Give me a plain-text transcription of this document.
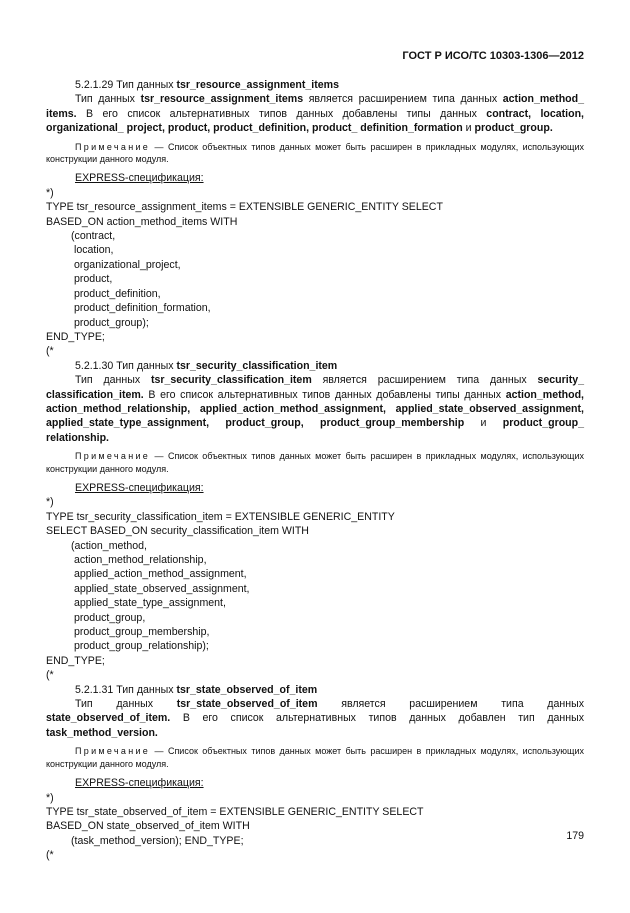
ГОСТ Р ИСО/ТС 10303-1306—2012

5.2.1.29 Тип данных tsr_resource_assignment_items

Тип данных tsr_resource_assignment_items является расширением типа данных action_method_ items. В его список альтернативных типов данных добавлены типы данных contract, location, organizational_ project, product, product_definition, product_ definition_formation и product_group.

Примечание — Список объектных типов данных может быть расширен в прикладных модулях, использующих конструкции данного модуля.

EXPRESS-спецификация:

*)

TYPE tsr_resource_assignment_items = EXTENSIBLE GENERIC_ENTITY SELECT

BASED_ON action_method_items WITH

(contract,

location,

organizational_project,

product,

product_definition,

product_definition_formation,

product_group);

END_TYPE;

(*

5.2.1.30 Тип данных tsr_security_classification_item

Тип данных tsr_security_classification_item является расширением типа данных security_ classification_item. В его список альтернативных типов данных добавлены типы данных action_method, action_method_relationship, applied_action_method_assignment, applied_state_observed_assignment, applied_state_type_assignment, product_group, product_group_membership и product_group_ relationship.

Примечание — Список объектных типов данных может быть расширен в прикладных модулях, использующих конструкции данного модуля.

EXPRESS-спецификация:

*)

TYPE tsr_security_classification_item = EXTENSIBLE GENERIC_ENTITY

SELECT BASED_ON security_classification_item WITH

(action_method,

action_method_relationship,

applied_action_method_assignment,

applied_state_observed_assignment,

applied_state_type_assignment,

product_group,

product_group_membership,

product_group_relationship);

END_TYPE;

(*

5.2.1.31 Тип данных tsr_state_observed_of_item

Тип данных tsr_state_observed_of_item является расширением типа данных state_observed_of_item. В его список альтернативных типов данных добавлен тип данных task_method_version.

Примечание — Список объектных типов данных может быть расширен в прикладных модулях, использующих конструкции данного модуля.

EXPRESS-спецификация:

*)

TYPE tsr_state_observed_of_item = EXTENSIBLE GENERIC_ENTITY SELECT

BASED_ON state_observed_of_item WITH

(task_method_version); END_TYPE;

(*

179
